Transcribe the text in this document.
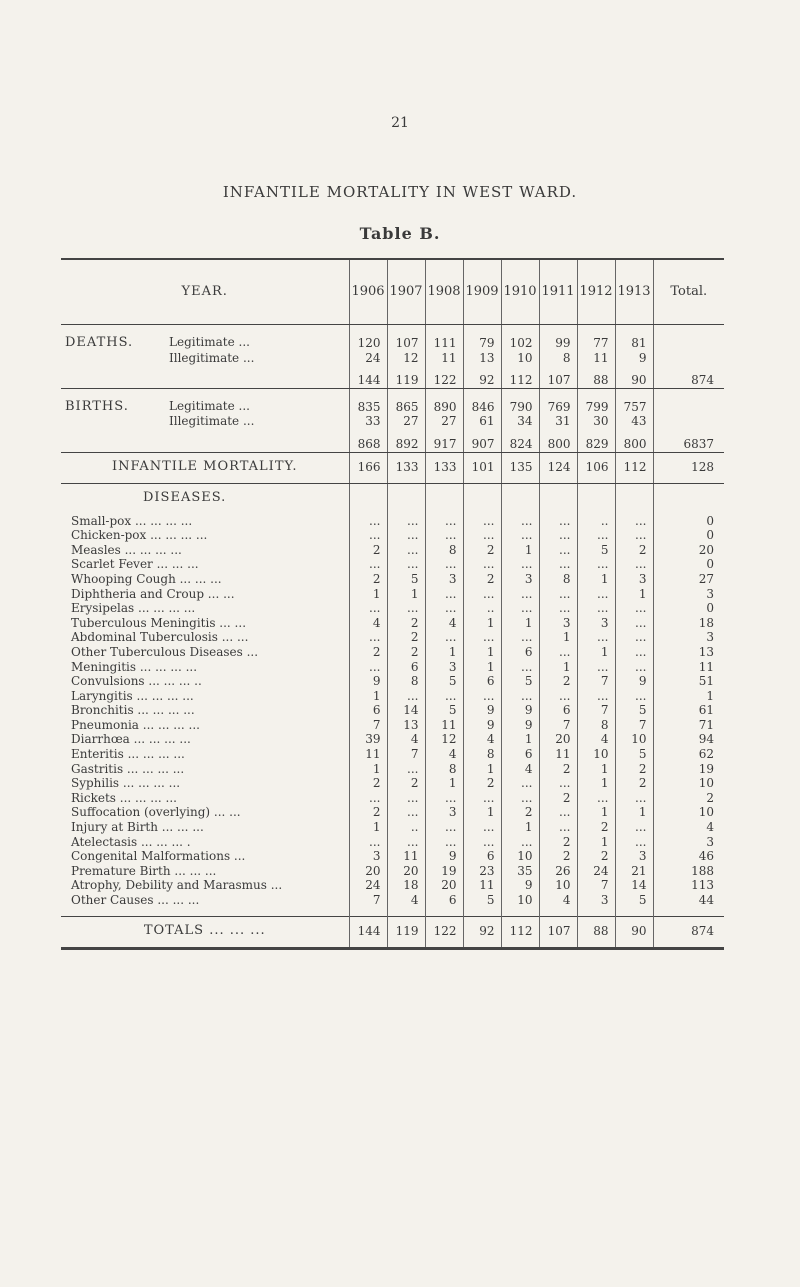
21
INFANTILE MORTALITY IN WEST WARD.
Table B.
YEAR.	1906	1907	1908	1909	1910	1911	1912	1913	Total.

DEATHS. Legitimate ...	120	107	111	79	102	99	77	81	
Illegitimate ...	24	12	11	13	10	8	11	9	
	144	119	122	92	112	107	88	90	874

BIRTHS. Legitimate ...	835	865	890	846	790	769	799	757	
Illegitimate ...	33	27	27	61	34	31	30	43	
	868	892	917	907	824	800	829	800	6837
INFANTILE MORTALITY.	166	133	133	101	135	124	106	112	128
DISEASES.									
Small-pox ... ... ... ...	...	...	...	...	...	...	..	...	0
Chicken-pox ... ... ... ...	...	...	...	...	...	...	...	...	0
Measles ... ... ... ...	2	...	8	2	1	...	5	2	20
Scarlet Fever ... ... ...	...	...	...	...	...	...	...	...	0
Whooping Cough ... ... ...	2	5	3	2	3	8	1	3	27
Diphtheria and Croup ... ...	1	1	...	...	...	...	...	1	3
Erysipelas ... ... ... ...	...	...	...	..	...	...	...	...	0
Tuberculous Meningitis ... ...	4	2	4	1	1	3	3	...	18
Abdominal Tuberculosis ... ...	...	2	...	...	...	1	...	...	3
Other Tuberculous Diseases ...	2	2	1	1	6	...	1	...	13
Meningitis ... ... ... ...	...	6	3	1	...	1	...	...	11
Convulsions ... ... ... ..	9	8	5	6	5	2	7	9	51
Laryngitis ... ... ... ...	1	...	...	...	...	...	...	...	1
Bronchitis ... ... ... ...	6	14	5	9	9	6	7	5	61
Pneumonia ... ... ... ...	7	13	11	9	9	7	8	7	71
Diarrhœa ... ... ... ...	39	4	12	4	1	20	4	10	94
Enteritis ... ... ... ...	11	7	4	8	6	11	10	5	62
Gastritis ... ... ... ...	1	...	8	1	4	2	1	2	19
Syphilis ... ... ... ...	2	2	1	2	...	...	1	2	10
Rickets ... ... ... ...	...	...	...	...	...	2	...	...	2
Suffocation (overlying) ... ...	2	...	3	1	2	...	1	1	10
Injury at Birth ... ... ...	1	..	...	...	1	...	2	...	4
Atelectasis ... ... ... .	...	...	...	...	...	2	1	...	3
Congenital Malformations ...	3	11	9	6	10	2	2	3	46
Premature Birth ... ... ...	20	20	19	23	35	26	24	21	188
Atrophy, Debility and Marasmus ...	24	18	20	11	9	10	7	14	113
Other Causes ... ... ...	7	4	6	5	10	4	3	5	44
TOTALS ... ... ...	144	119	122	92	112	107	88	90	874
